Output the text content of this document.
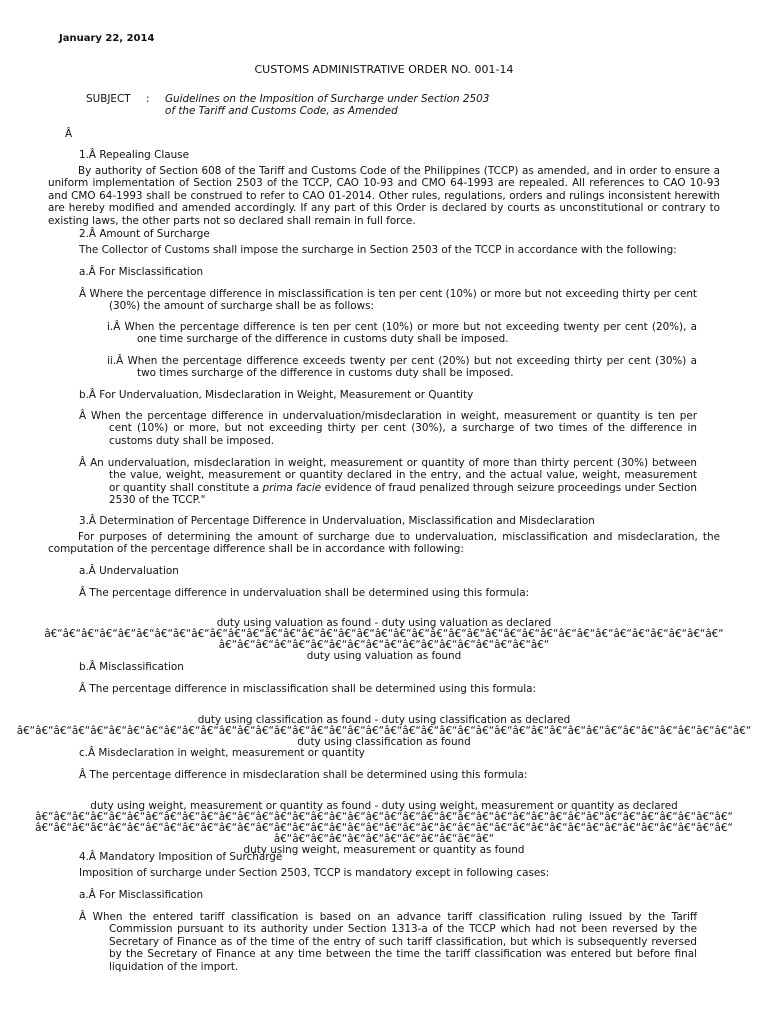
January 22, 2014

CUSTOMS ADMINISTRATIVE ORDER NO. 001-14

SUBJECT : Guidelines on the Imposition of Surcharge under Section 2503
of the Tariff and Customs Code, as Amended

Â

1.Â Repealing Clause

By authority of Section 608 of the Tariff and Customs Code of the Philippines (TCCP) as amended, and in order to ensure a uniform implementation of Section 2503 of the TCCP, CAO 10-93 and CMO 64-1993 are repealed. All references to CAO 10-93 and CMO 64-1993 shall be construed to refer to CAO 01-2014. Other rules, regulations, orders and rulings inconsistent herewith are hereby modified and amended accordingly. If any part of this Order is declared by courts as unconstitutional or contrary to existing laws, the other parts not so declared shall remain in full force.

2.Â Amount of Surcharge

The Collector of Customs shall impose the surcharge in Section 2503 of the TCCP in accordance with the following:

a.Â For Misclassification

Â Where the percentage difference in misclassification is ten per cent (10%) or more but not exceeding thirty per cent (30%) the amount of surcharge shall be as follows:

i.Â When the percentage difference is ten per cent (10%) or more but not exceeding twenty per cent (20%), a one time surcharge of the difference in customs duty shall be imposed.

ii.Â When the percentage difference exceeds twenty per cent (20%) but not exceeding thirty per cent (30%) a two times surcharge of the difference in customs duty shall be imposed.

b.Â For Undervaluation, Misdeclaration in Weight, Measurement or Quantity

Â When the percentage difference in undervaluation/misdeclaration in weight, measurement or quantity is ten per cent (10%) or more, but not exceeding thirty per cent (30%), a surcharge of two times of the difference in customs duty shall be imposed.

Â An undervaluation, misdeclaration in weight, measurement or quantity of more than thirty percent (30%) between the value, weight, measurement or quantity declared in the entry, and the actual value, weight, measurement or quantity shall constitute a prima facie evidence of fraud penalized through seizure proceedings under Section 2530 of the TCCP."

3.Â Determination of Percentage Difference in Undervaluation, Misclassification and Misdeclaration

For purposes of determining the amount of surcharge due to undervaluation, misclassification and misdeclaration, the computation of the percentage difference shall be in accordance with following:

a.Â Undervaluation

Â The percentage difference in undervaluation shall be determined using this formula:

duty using valuation as found - duty using valuation as declared

â€“â€“â€“â€“â€“â€“â€“â€“â€“â€“â€“â€“â€“â€“â€“â€“â€“â€“â€“â€“â€“â€“â€“â€“â€“â€“â€“â€“â€“â€“â€“â€“â€“â€“â€“â€“â€“

â€“â€“â€“â€“â€“â€“â€“â€“â€“â€“â€“â€“â€“â€“â€“â€“â€“â€“

duty using valuation as found

b.Â Misclassification

Â The percentage difference in misclassification shall be determined using this formula:

duty using classification as found - duty using classification as declared

â€“â€“â€“â€“â€“â€“â€“â€“â€“â€“â€“â€“â€“â€“â€“â€“â€“â€“â€“â€“â€“â€“â€“â€“â€“â€“â€“â€“â€“â€“â€“â€“â€“â€“â€“â€“â€“â€“â€“â€“

duty using classification as found

c.Â Misdeclaration in weight, measurement or quantity

Â The percentage difference in misdeclaration shall be determined using this formula:

duty using weight, measurement or quantity as found - duty using weight, measurement or quantity as declared

â€“â€“â€“â€“â€“â€“â€“â€“â€“â€“â€“â€“â€“â€“â€“â€“â€“â€“â€“â€“â€“â€“â€“â€“â€“â€“â€“â€“â€“â€“â€“â€“â€“â€“â€“â€“â€“â€“

â€“â€“â€“â€“â€“â€“â€“â€“â€“â€“â€“â€“â€“â€“â€“â€“â€“â€“â€“â€“â€“â€“â€“â€“â€“â€“â€“â€“â€“â€“â€“â€“â€“â€“â€“â€“â€“â€“

â€“â€“â€“â€“â€“â€“â€“â€“â€“â€“â€“â€“

duty using weight, measurement or quantity as found

4.Â Mandatory Imposition of Surcharge

Imposition of surcharge under Section 2503, TCCP is mandatory except in following cases:

a.Â For Misclassification

Â When the entered tariff classification is based on an advance tariff classification ruling issued by the Tariff Commission pursuant to its authority under Section 1313-a of the TCCP which had not been reversed by the Secretary of Finance as of the time of the entry of such tariff classification, but which is subsequently reversed by the Secretary of Finance at any time between the time the tariff classification was entered but before final liquidation of the import.
